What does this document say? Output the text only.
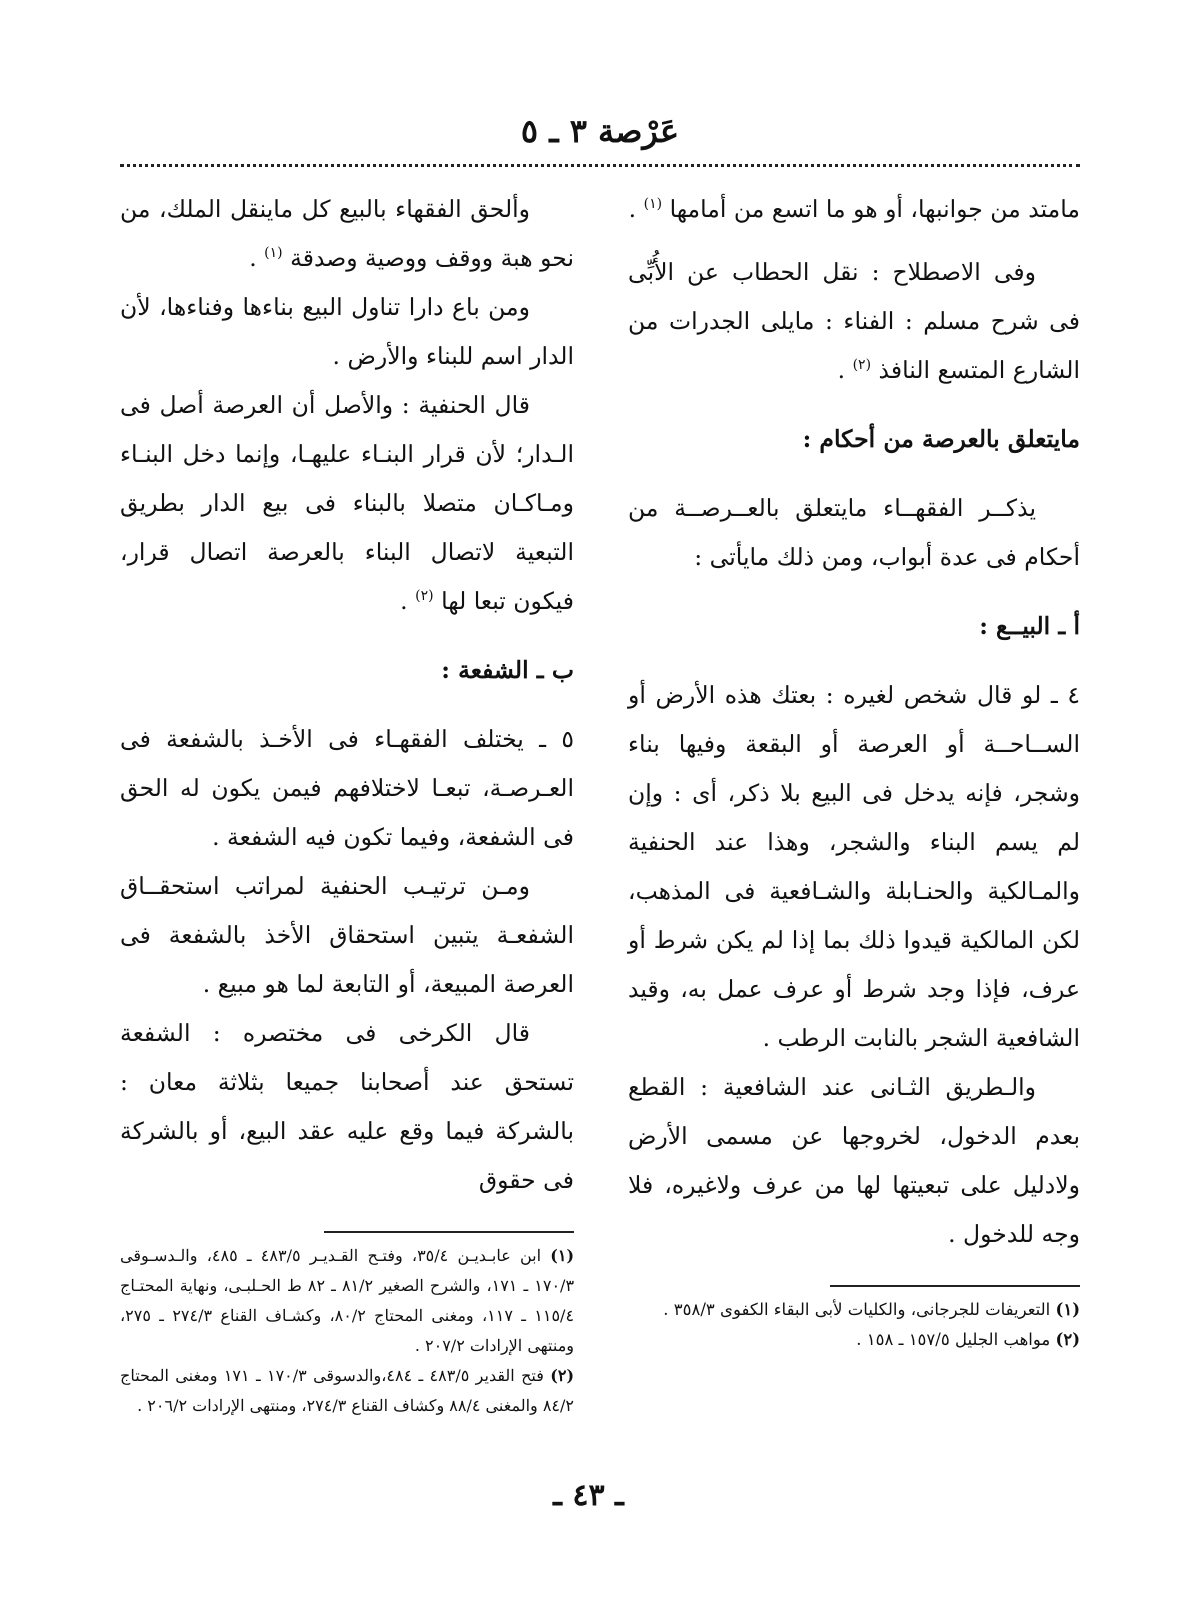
عَرْصة ٣ ـ ٥

مامتد من جوانبها، أو هو ما اتسع من أمامها $^{(١)}$ .

وفى الاصطلاح : نقل الحطاب عن الأُبِّى فى شرح مسلم : الفناء : مايلى الجدرات من الشارع المتسع النافذ $^{(٢)}$ .

مايتعلق بالعرصة من أحكام :

يذكــر الفقهــاء مايتعلق بالعــرصــة من أحكام فى عدة أبواب، ومن ذلك مايأتى :

أ ـ البيــع :

٤ ـ لو قال شخص لغيره : بعتك هذه الأرض أو الســاحــة أو العرصة أو البقعة وفيها بناء وشجر، فإنه يدخل فى البيع بلا ذكر، أى : وإن لم يسم البناء والشجر، وهذا عند الحنفية والمـالكية والحنـابلة والشـافعية فى المذهب، لكن المالكية قيدوا ذلك بما إذا لم يكن شرط أو عرف، فإذا وجد شرط أو عرف عمل به، وقيد الشافعية الشجر بالنابت الرطب .

والـطريق الثـانى عند الشافعية : القطع بعدم الدخول، لخروجها عن مسمى الأرض ولادليل على تبعيتها لها من عرف ولاغيره، فلا وجه للدخول .

(١) التعريفات للجرجانى، والكليات لأبى البقاء الكفوى ٣٥٨/٣ .

(٢) مواهب الجليل ١٥٧/٥ ـ ١٥٨ .

وألحق الفقهاء بالبيع كل ماينقل الملك، من نحو هبة ووقف ووصية وصدقة $^{(١)}$ .

ومن باع دارا تناول البيع بناءها وفناءها، لأن الدار اسم للبناء والأرض .

قال الحنفية : والأصل أن العرصة أصل فى الـدار؛ لأن قرار البنـاء عليهـا، وإنما دخل البنـاء ومـاكـان متصلا بالبناء فى بيع الدار بطريق التبعية لاتصال البناء بالعرصة اتصال قرار، فيكون تبعا لها $^{(٢)}$ .

ب ـ الشفعة :

٥ ـ يختلف الفقهـاء فى الأخـذ بالشفعة فى العـرصـة، تبعـا لاختلافهم فيمن يكون له الحق فى الشفعة، وفيما تكون فيه الشفعة .

ومـن ترتيـب الحنفية لمراتب استحقــاق الشفعـة يتبين استحقاق الأخذ بالشفعة فى العرصة المبيعة، أو التابعة لما هو مبيع .

قال الكرخى فى مختصره : الشفعة تستحق عند أصحابنا جميعا بثلاثة معان : بالشركة فيما وقع عليه عقد البيع، أو بالشركة فى حقوق

(١) ابن عابـديـن ٣٥/٤، وفتـح القـديـر ٤٨٣/٥ ـ ٤٨٥، والـدسـوقى ١٧٠/٣ ـ ١٧١، والشرح الصغير ٨١/٢ ـ ٨٢ ط الحـلبـى، ونهاية المحتـاج ١١٥/٤ ـ ١١٧، ومغنى المحتاج ٨٠/٢، وكشـاف القناع ٢٧٤/٣ ـ ٢٧٥، ومنتهى الإرادات ٢٠٧/٢ .

(٢) فتح القدير ٤٨٣/٥ ـ ٤٨٤،والدسوقى ١٧٠/٣ ـ ١٧١ ومغنى المحتاج ٨٤/٢ والمغنى ٨٨/٤ وكشاف القناع ٢٧٤/٣، ومنتهى الإرادات ٢٠٦/٢ .

ـ ٤٣ ـ
